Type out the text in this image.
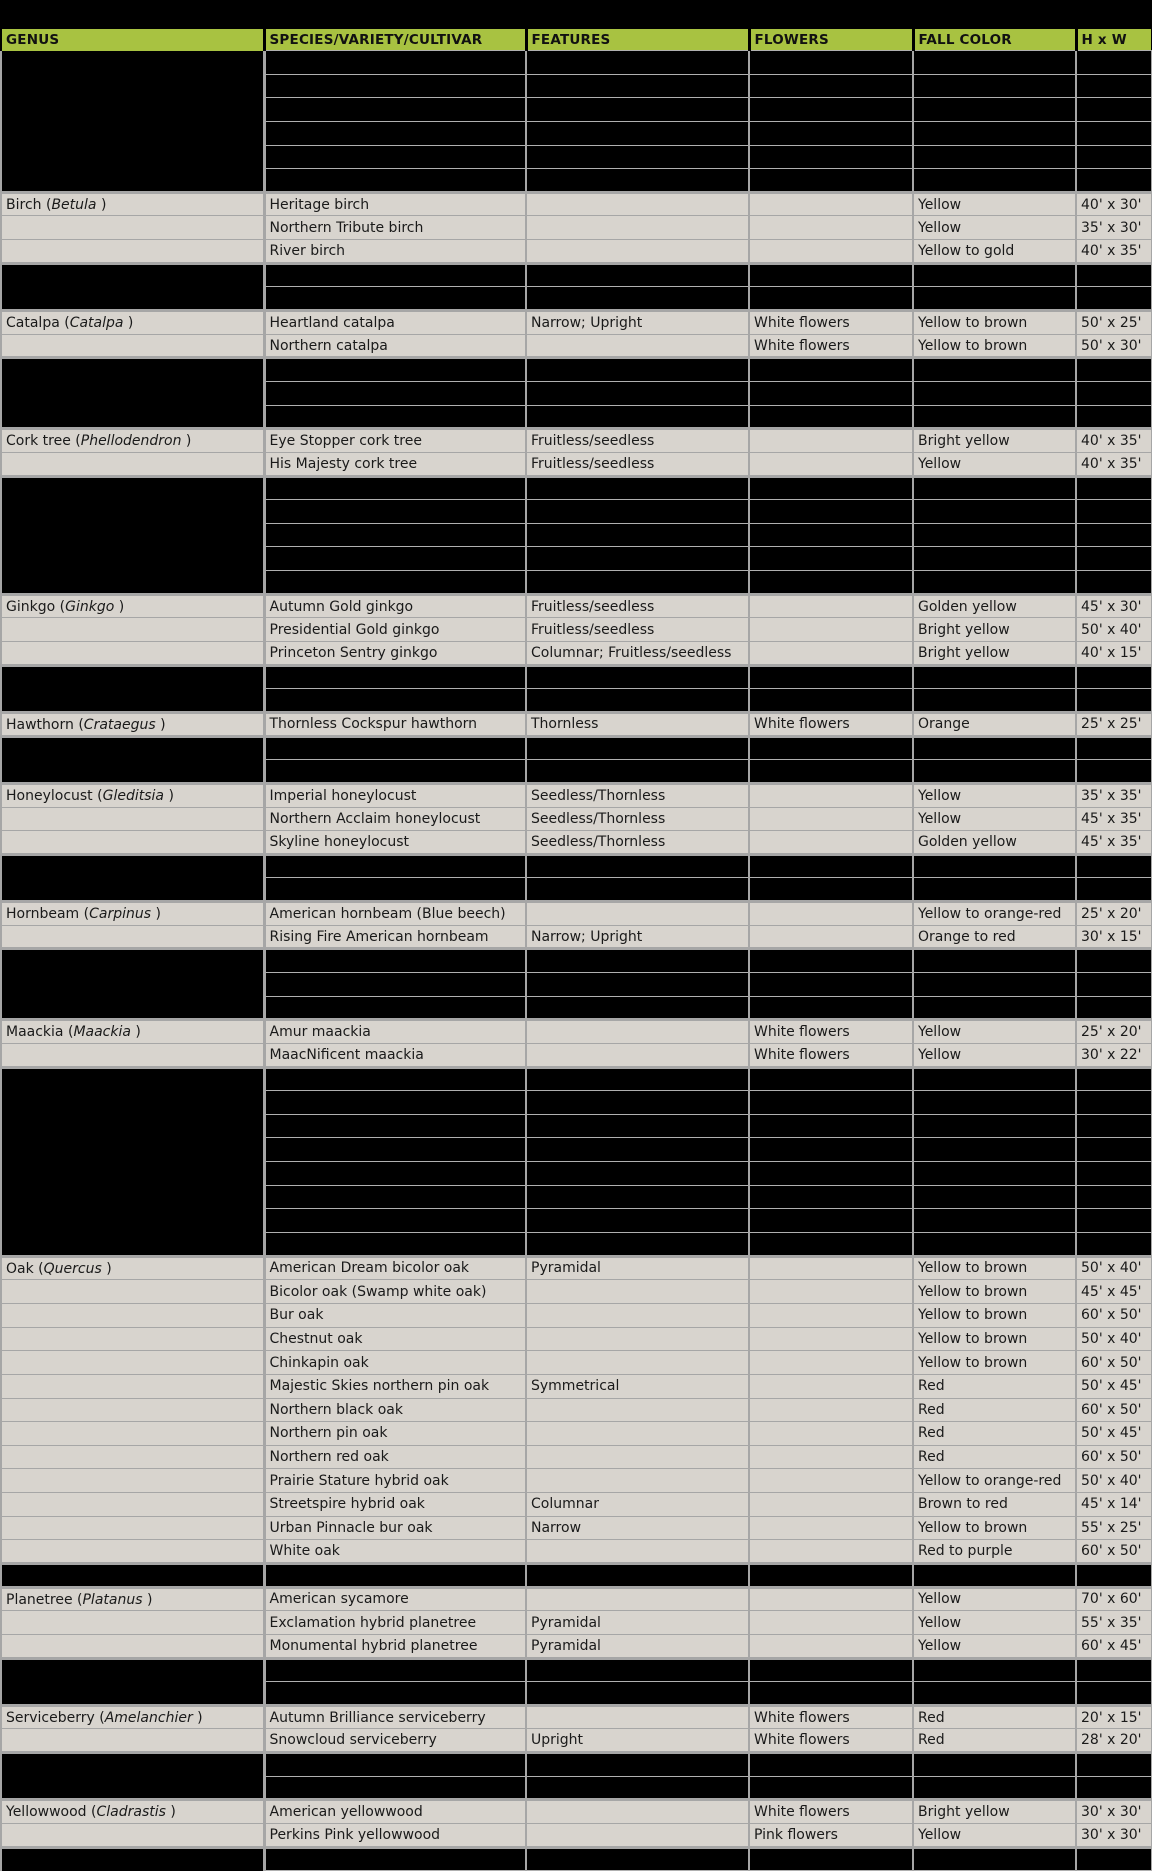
GENUS	SPECIES/VARIETY/CULTIVAR	FEATURES	FLOWERS	FALL COLOR	H x W

Birch (Betula )	Heritage birch			Yellow	40' x 30'
	Northern Tribute birch			Yellow	35' x 30'
	River birch			Yellow to gold	40' x 35'

Catalpa (Catalpa )	Heartland catalpa	Narrow; Upright	White flowers	Yellow to brown	50' x 25'
	Northern catalpa		White flowers	Yellow to brown	50' x 30'

Cork tree (Phellodendron )	Eye Stopper cork tree	Fruitless/seedless		Bright yellow	40' x 35'
	His Majesty cork tree	Fruitless/seedless		Yellow	40' x 35'

Ginkgo (Ginkgo )	Autumn Gold ginkgo	Fruitless/seedless		Golden yellow	45' x 30'
	Presidential Gold ginkgo	Fruitless/seedless		Bright yellow	50' x 40'
	Princeton Sentry ginkgo	Columnar; Fruitless/seedless		Bright yellow	40' x 15'

Hawthorn (Crataegus )	Thornless Cockspur hawthorn	Thornless	White flowers	Orange	25' x 25'

Honeylocust (Gleditsia )	Imperial honeylocust	Seedless/Thornless		Yellow	35' x 35'
	Northern Acclaim honeylocust	Seedless/Thornless		Yellow	45' x 35'
	Skyline honeylocust	Seedless/Thornless		Golden yellow	45' x 35'

Hornbeam (Carpinus )	American hornbeam (Blue beech)			Yellow to orange-red	25' x 20'
	Rising Fire American hornbeam	Narrow; Upright		Orange to red	30' x 15'

Maackia (Maackia )	Amur maackia		White flowers	Yellow	25' x 20'
	MaacNificent maackia		White flowers	Yellow	30' x 22'

Oak (Quercus )	American Dream bicolor oak	Pyramidal		Yellow to brown	50' x 40'
	Bicolor oak (Swamp white oak)			Yellow to brown	45' x 45'
	Bur oak			Yellow to brown	60' x 50'
	Chestnut oak			Yellow to brown	50' x 40'
	Chinkapin oak			Yellow to brown	60' x 50'
	Majestic Skies northern pin oak	Symmetrical		Red	50' x 45'
	Northern black oak			Red	60' x 50'
	Northern pin oak			Red	50' x 45'
	Northern red oak			Red	60' x 50'
	Prairie Stature hybrid oak			Yellow to orange-red	50' x 40'
	Streetspire hybrid oak	Columnar		Brown to red	45' x 14'
	Urban Pinnacle bur oak	Narrow		Yellow to brown	55' x 25'
	White oak			Red to purple	60' x 50'

Planetree (Platanus )	American sycamore			Yellow	70' x 60'
	Exclamation hybrid planetree	Pyramidal		Yellow	55' x 35'
	Monumental hybrid planetree	Pyramidal		Yellow	60' x 45'

Serviceberry (Amelanchier )	Autumn Brilliance serviceberry		White flowers	Red	20' x 15'
	Snowcloud serviceberry	Upright	White flowers	Red	28' x 20'

Yellowwood (Cladrastis )	American yellowwood		White flowers	Bright yellow	30' x 30'
	Perkins Pink yellowwood		Pink flowers	Yellow	30' x 30'
